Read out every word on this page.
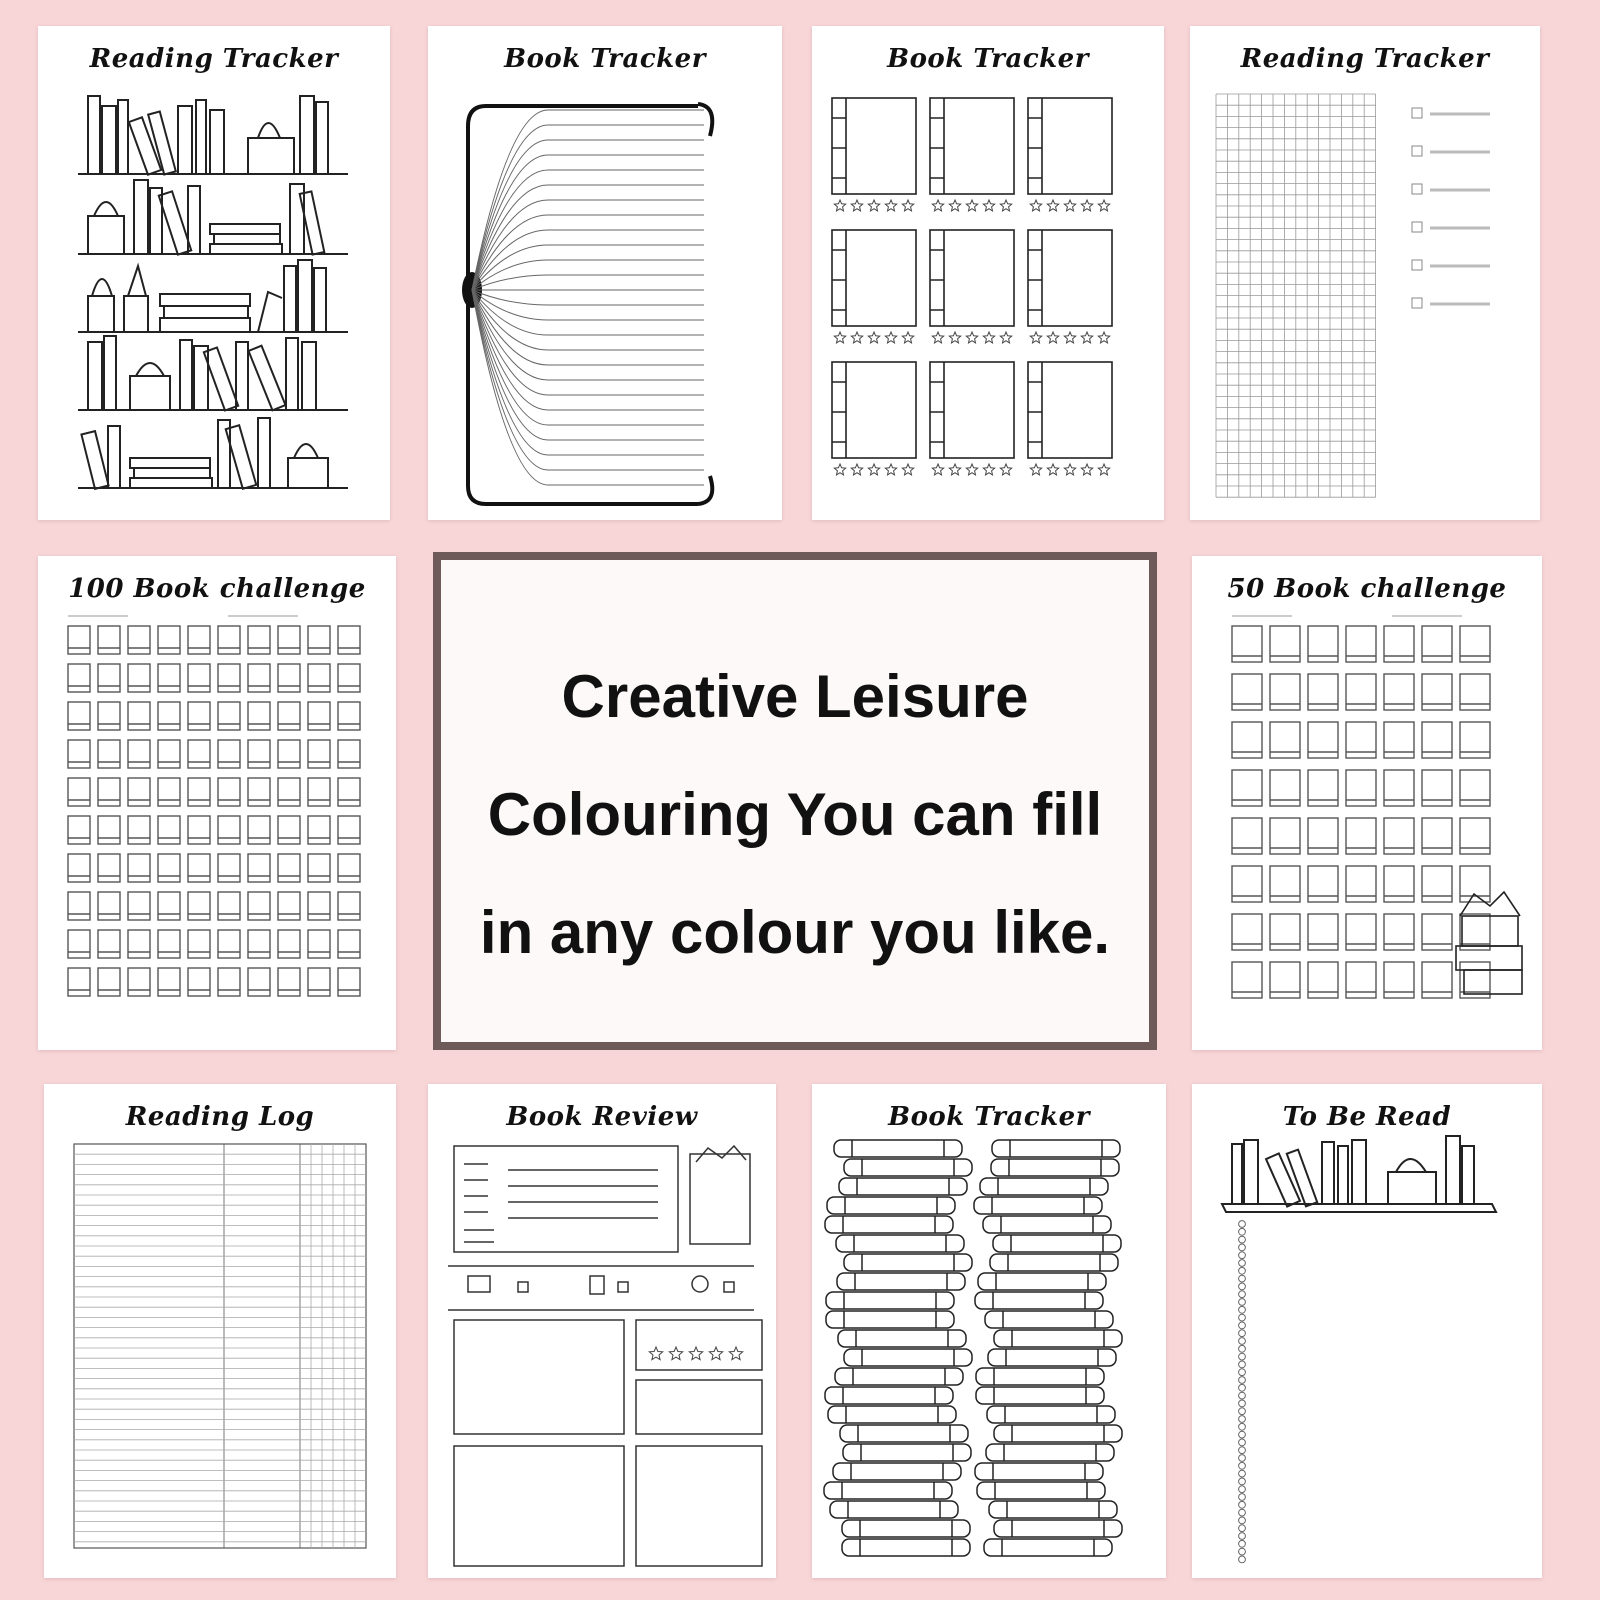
Reading Tracker	Book Tracker	Book Tracker	Reading Tracker
100 Book challenge
Creative Leisure
Colouring You can fill
in any colour you like.
50 Book challenge
Reading Log	Book Review	Book Tracker	To Be Read
